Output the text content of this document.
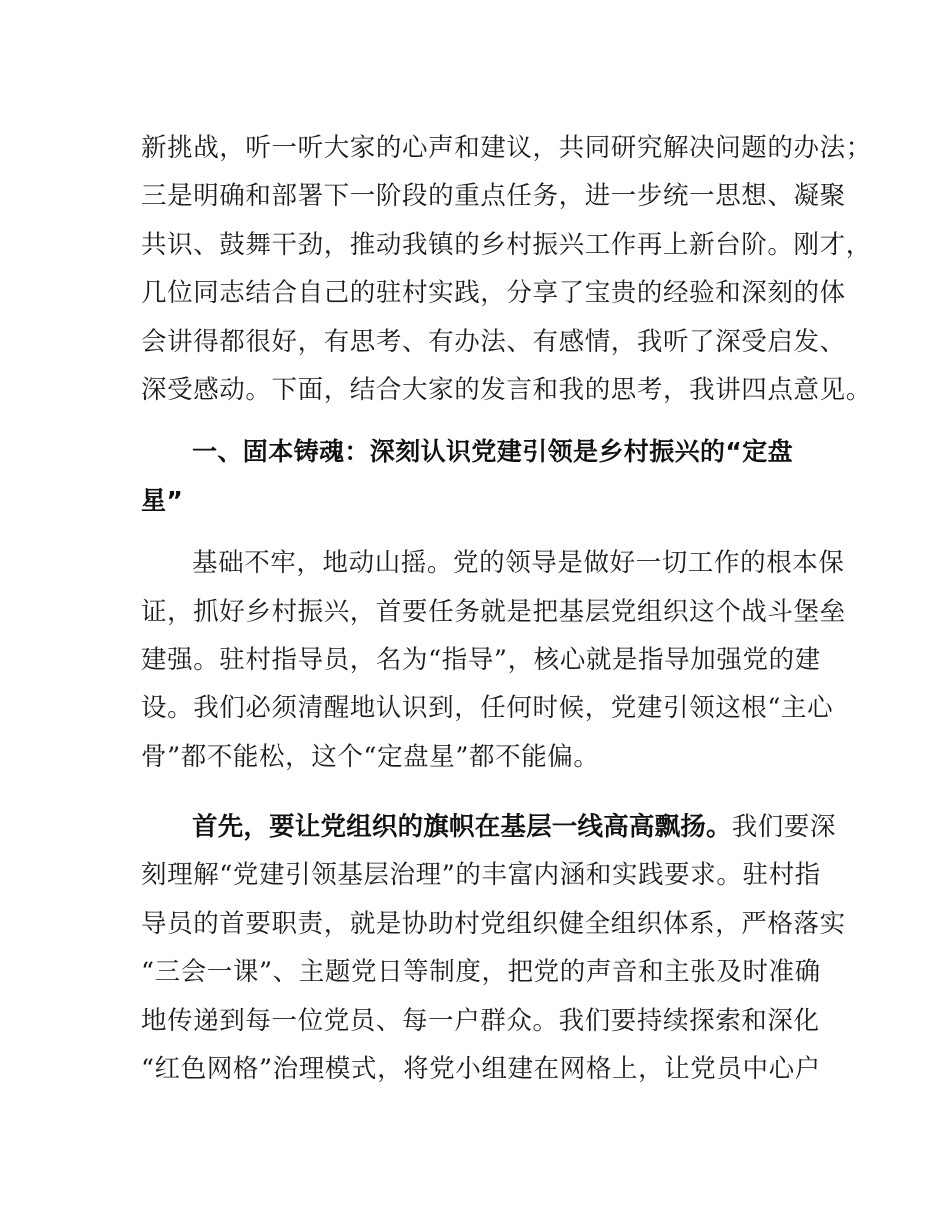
新挑战，听一听大家的心声和建议，共同研究解决问题的办法；
三是明确和部署下一阶段的重点任务，进一步统一思想、凝聚
共识、鼓舞干劲，推动我镇的乡村振兴工作再上新台阶。刚才，
几位同志结合自己的驻村实践，分享了宝贵的经验和深刻的体
会讲得都很好，有思考、有办法、有感情，我听了深受启发、
深受感动。下面，结合大家的发言和我的思考，我讲四点意见。
一、固本铸魂：深刻认识党建引领是乡村振兴的“定盘
星”
基础不牢，地动山摇。党的领导是做好一切工作的根本保
证，抓好乡村振兴，首要任务就是把基层党组织这个战斗堡垒
建强。驻村指导员，名为“指导”，核心就是指导加强党的建
设。我们必须清醒地认识到，任何时候，党建引领这根“主心
骨”都不能松，这个“定盘星”都不能偏。
首先，要让党组织的旗帜在基层一线高高飘扬。我们要深
刻理解“党建引领基层治理”的丰富内涵和实践要求。驻村指
导员的首要职责，就是协助村党组织健全组织体系，严格落实
“三会一课”、主题党日等制度，把党的声音和主张及时准确
地传递到每一位党员、每一户群众。我们要持续探索和深化
“红色网格”治理模式，将党小组建在网格上，让党员中心户
